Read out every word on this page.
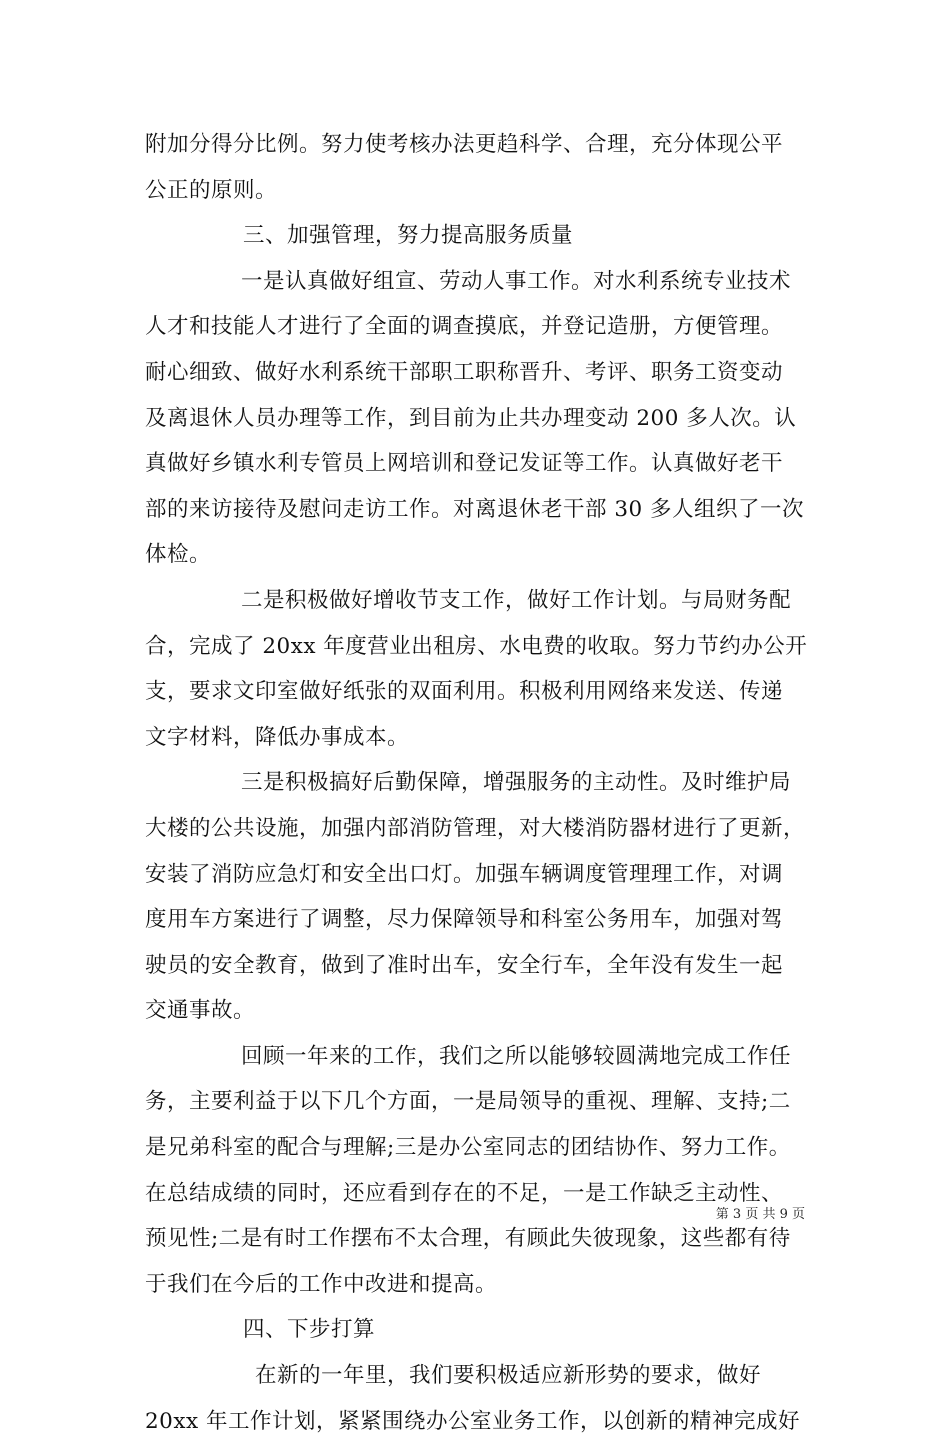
附加分得分比例。努力使考核办法更趋科学、合理，充分体现公平
公正的原则。
三、加强管理，努力提高服务质量
一是认真做好组宣、劳动人事工作。对水利系统专业技术
人才和技能人才进行了全面的调查摸底，并登记造册，方便管理。
耐心细致、做好水利系统干部职工职称晋升、考评、职务工资变动
及离退休人员办理等工作，到目前为止共办理变动 200 多人次。认
真做好乡镇水利专管员上网培训和登记发证等工作。认真做好老干
部的来访接待及慰问走访工作。对离退休老干部 30 多人组织了一次
体检。
二是积极做好增收节支工作，做好工作计划。与局财务配
合，完成了 20xx 年度营业出租房、水电费的收取。努力节约办公开
支，要求文印室做好纸张的双面利用。积极利用网络来发送、传递
文字材料，降低办事成本。
三是积极搞好后勤保障，增强服务的主动性。及时维护局
大楼的公共设施，加强内部消防管理，对大楼消防器材进行了更新，
安装了消防应急灯和安全出口灯。加强车辆调度管理理工作，对调
度用车方案进行了调整，尽力保障领导和科室公务用车，加强对驾
驶员的安全教育，做到了准时出车，安全行车，全年没有发生一起
交通事故。
回顾一年来的工作，我们之所以能够较圆满地完成工作任
务，主要利益于以下几个方面，一是局领导的重视、理解、支持;二
是兄弟科室的配合与理解;三是办公室同志的团结协作、努力工作。
在总结成绩的同时，还应看到存在的不足，一是工作缺乏主动性、
预见性;二是有时工作摆布不太合理，有顾此失彼现象，这些都有待
于我们在今后的工作中改进和提高。
四、下步打算
在新的一年里，我们要积极适应新形势的要求，做好
20xx 年工作计划，紧紧围绕办公室业务工作，以创新的精神完成好
第 3 页 共 9 页
